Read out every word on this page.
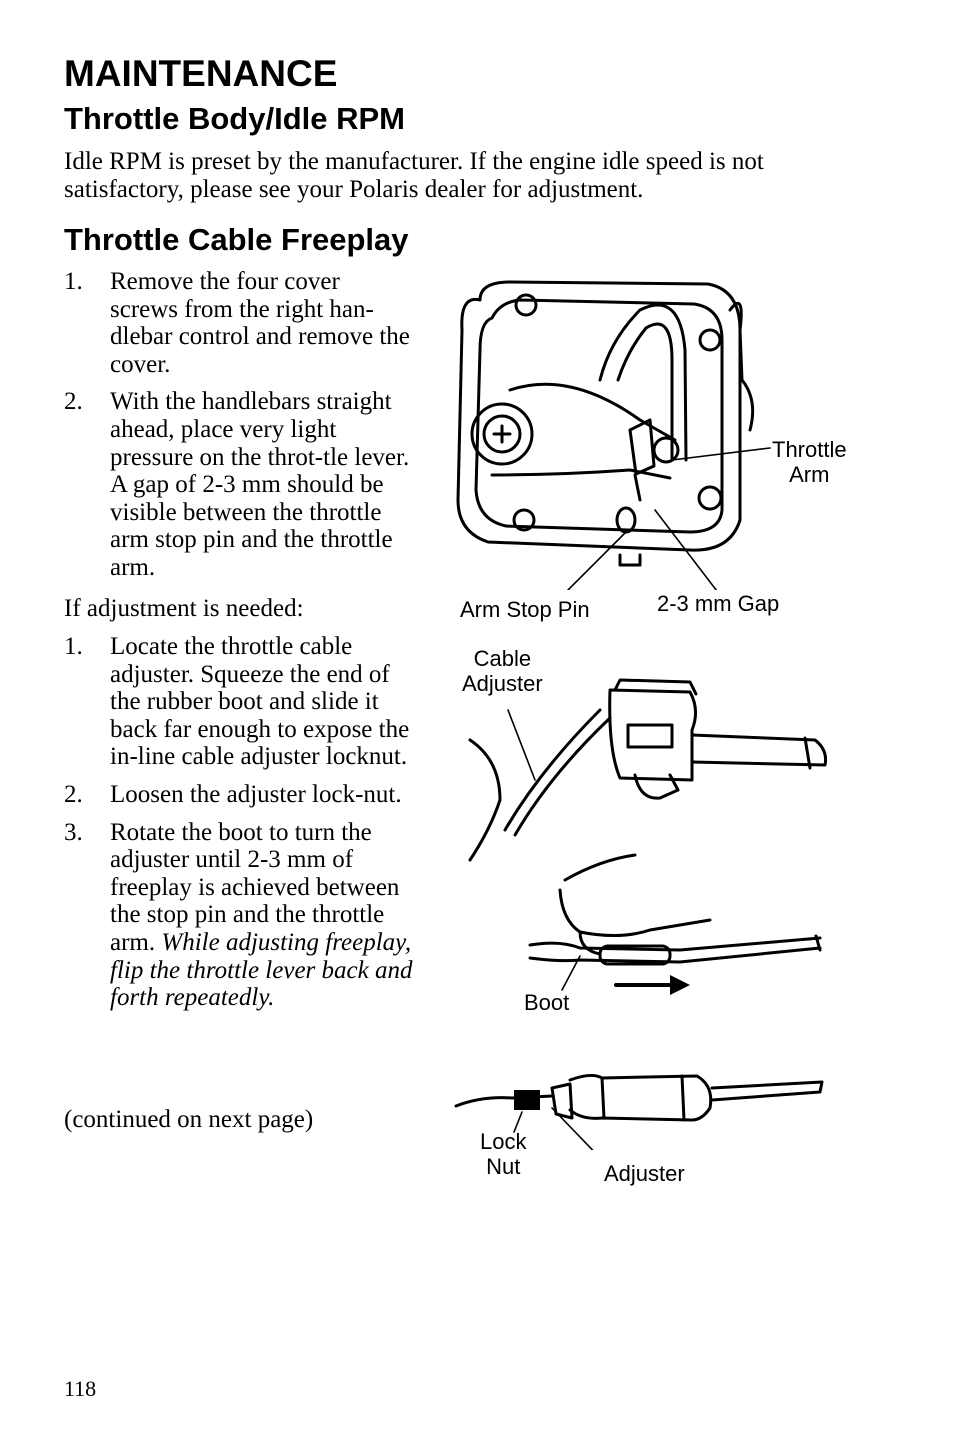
MAINTENANCE
Throttle Body/Idle RPM

Idle RPM is preset by the manufacturer. If the engine idle speed is not satisfactory, please see your Polaris dealer for adjustment.

Throttle Cable Freeplay
1. Remove the four cover screws from the right han-dlebar control and remove the cover.
2. With the handlebars straight ahead, place very light pressure on the throt-tle lever. A gap of 2-3 mm should be visible between the throttle arm stop pin and the throttle arm.

If adjustment is needed:

1. Locate the throttle cable adjuster. Squeeze the end of the rubber boot and slide it back far enough to expose the in-line cable adjuster locknut.
2. Loosen the adjuster lock-nut.
3. Rotate the boot to turn the adjuster until 2-3 mm of freeplay is achieved between the stop pin and the throttle arm. While adjusting freeplay, flip the throttle lever back and forth repeatedly.

(continued on next page)

Throttle
Arm
Arm Stop Pin	2-3 mm Gap
Cable
Adjuster
Boot
Lock
Nut	Adjuster
118
